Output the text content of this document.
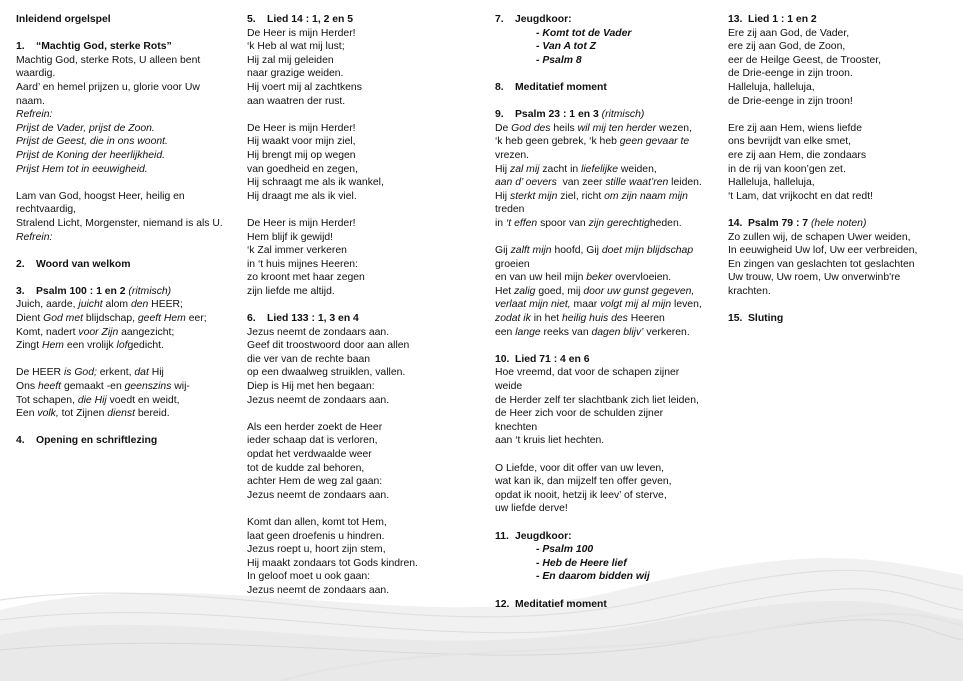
Inleidend orgelspel
1. “Machtig God, sterke Rots”
Machtig God, sterke Rots, U alleen bent waardig.
Aard’ en hemel prijzen u, glorie voor Uw naam.
Refrein:
Prijst de Vader, prijst de Zoon.
Prijst de Geest, die in ons woont.
Prijst de Koning der heerlijkheid.
Prijst Hem tot in eeuwigheid.
Lam van God, hoogst Heer, heilig en rechtvaardig,
Stralend Licht, Morgenster, niemand is als U.
Refrein:
2. Woord van welkom
3. Psalm 100 : 1 en 2 (ritmisch)
Juich, aarde, juicht alom den HEER;
Dient God met blijdschap, geeft Hem eer;
Komt, nadert voor Zijn aangezicht;
Zingt Hem een vrolijk lofgedicht.
De HEER is God; erkent, dat Hij
Ons heeft gemaakt -en geenszins wij-
Tot schapen, die Hij voedt en weidt,
Een volk, tot Zijnen dienst bereid.
4. Opening en schriftlezing
5. Lied 14 : 1, 2 en 5
De Heer is mijn Herder!
‘k Heb al wat mij lust;
Hij zal mij geleiden
naar grazige weiden.
Hij voert mij al zachtkens
aan waatren der rust.
De Heer is mijn Herder!
Hij waakt voor mijn ziel,
Hij brengt mij op wegen
van goedheid en zegen,
Hij schraagt me als ik wankel,
Hij draagt me als ik viel.
De Heer is mijn Herder!
Hem blijf ik gewijd!
‘k Zal immer verkeren
in ‘t huis mijnes Heeren:
zo kroont met haar zegen
zijn liefde me altijd.
6. Lied 133 : 1, 3 en 4
Jezus neemt de zondaars aan.
Geef dit troostwoord door aan allen
die ver van de rechte baan
op een dwaalweg struiklen, vallen.
Diep is Hij met hen begaan:
Jezus neemt de zondaars aan.
Als een herder zoekt de Heer
ieder schaap dat is verloren,
opdat het verdwaalde weer
tot de kudde zal behoren,
achter Hem de weg zal gaan:
Jezus neemt de zondaars aan.
Komt dan allen, komt tot Hem,
laat geen droefenis u hindren.
Jezus roept u, hoort zijn stem,
Hij maakt zondaars tot Gods kindren.
In geloof moet u ook gaan:
Jezus neemt de zondaars aan.
7. Jeugdkoor:
- Komt tot de Vader
- Van A tot Z
- Psalm 8
8. Meditatief moment
9. Psalm 23 : 1 en 3 (ritmisch)
De God des heils wil mij ten herder wezen,
‘k heb geen gebrek, ‘k heb geen gevaar te
vrezen.
Hij zal mij zacht in liefelijke weiden,
aan d’ oevers  van zeer stille waat’ren leiden.
Hij sterkt mijn ziel, richt om zijn naam mijn
treden
in ‘t effen spoor van zijn gerechtigheden.
Gij zalft mijn hoofd, Gij doet mijn blijdschap
groeien
en van uw heil mijn beker overvloeien.
Het zalig goed, mij door uw gunst gegeven,
verlaat mijn niet, maar volgt mij al mijn leven,
zodat ik in het heilig huis des Heeren
een lange reeks van dagen blijv’ verkeren.
10. Lied 71 : 4 en 6
Hoe vreemd, dat voor de schapen zijner
weide
de Herder zelf ter slachtbank zich liet leiden,
de Heer zich voor de schulden zijner
knechten
aan ‘t kruis liet hechten.
O Liefde, voor dit offer van uw leven,
wat kan ik, dan mijzelf ten offer geven,
opdat ik nooit, hetzij ik leev’ of sterve,
uw liefde derve!
11. Jeugdkoor:
- Psalm 100
- Heb de Heere lief
- En daarom bidden wij
12. Meditatief moment
13. Lied 1 : 1 en 2
Ere zij aan God, de Vader,
ere zij aan God, de Zoon,
eer de Heilge Geest, de Trooster,
de Drie-eenge in zijn troon.
Halleluja, halleluja,
de Drie-eenge in zijn troon!
Ere zij aan Hem, wiens liefde
ons bevrijdt van elke smet,
ere zij aan Hem, die zondaars
in de rij van koon’gen zet.
Halleluja, halleluja,
‘t Lam, dat vrijkocht en dat redt!
14. Psalm 79 : 7 (hele noten)
Zo zullen wij, de schapen Uwer weiden,
In eeuwigheid Uw lof, Uw eer verbreiden,
En zingen van geslachten tot geslachten
Uw trouw, Uw roem, Uw onverwinb're
krachten.
15. Sluting
